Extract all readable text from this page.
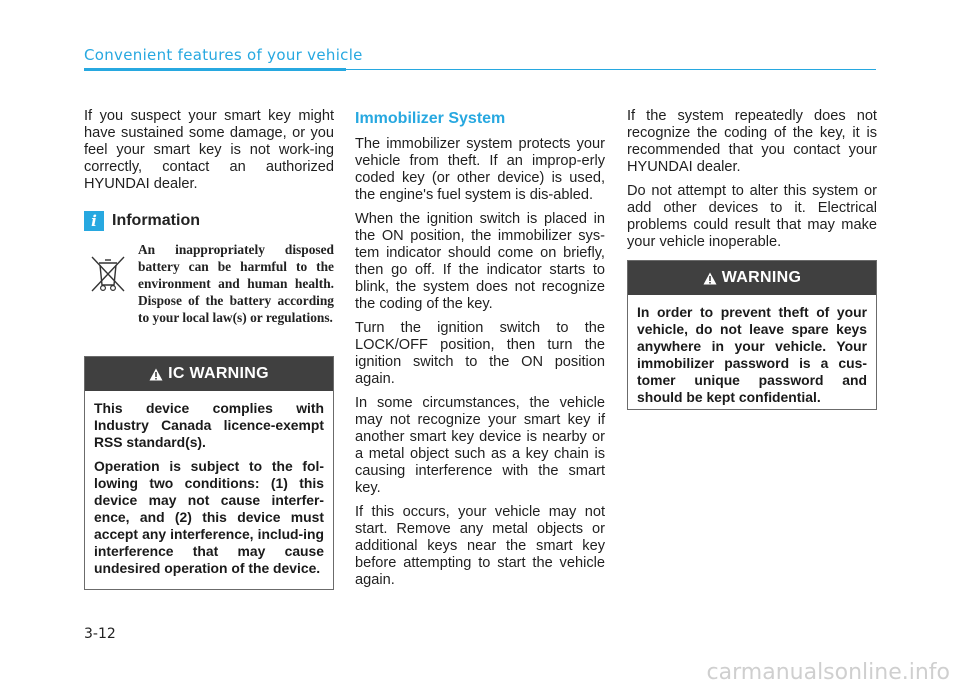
Convenient features of your vehicle

If you suspect your smart key might have sustained some damage, or you feel your smart key is not work-ing correctly, contact an authorized HYUNDAI dealer.

i Information
An inappropriately disposed battery can be harmful to the environment and human health. Dispose of the battery according to your local law(s) or regulations.
IC WARNING

This device complies with Industry Canada licence-exempt RSS standard(s).

Operation is subject to the fol-lowing two conditions: (1) this device may not cause interfer-ence, and (2) this device must accept any interference, includ-ing interference that may cause undesired operation of the device.

Immobilizer System

The immobilizer system protects your vehicle from theft. If an improp-erly coded key (or other device) is used, the engine's fuel system is dis-abled.

When the ignition switch is placed in the ON position, the immobilizer sys-tem indicator should come on briefly, then go off. If the indicator starts to blink, the system does not recognize the coding of the key.

Turn the ignition switch to the LOCK/OFF position, then turn the ignition switch to the ON position again.

In some circumstances, the vehicle may not recognize your smart key if another smart key device is nearby or a metal object such as a key chain is causing interference with the smart key.

If this occurs, your vehicle may not start. Remove any metal objects or additional keys near the smart key before attempting to start the vehicle again.

If the system repeatedly does not recognize the coding of the key, it is recommended that you contact your HYUNDAI dealer.

Do not attempt to alter this system or add other devices to it. Electrical problems could result that may make your vehicle inoperable.

WARNING

In order to prevent theft of your vehicle, do not leave spare keys anywhere in your vehicle. Your immobilizer password is a cus-tomer unique password and should be kept confidential.

3-12
carmanualsonline.info
